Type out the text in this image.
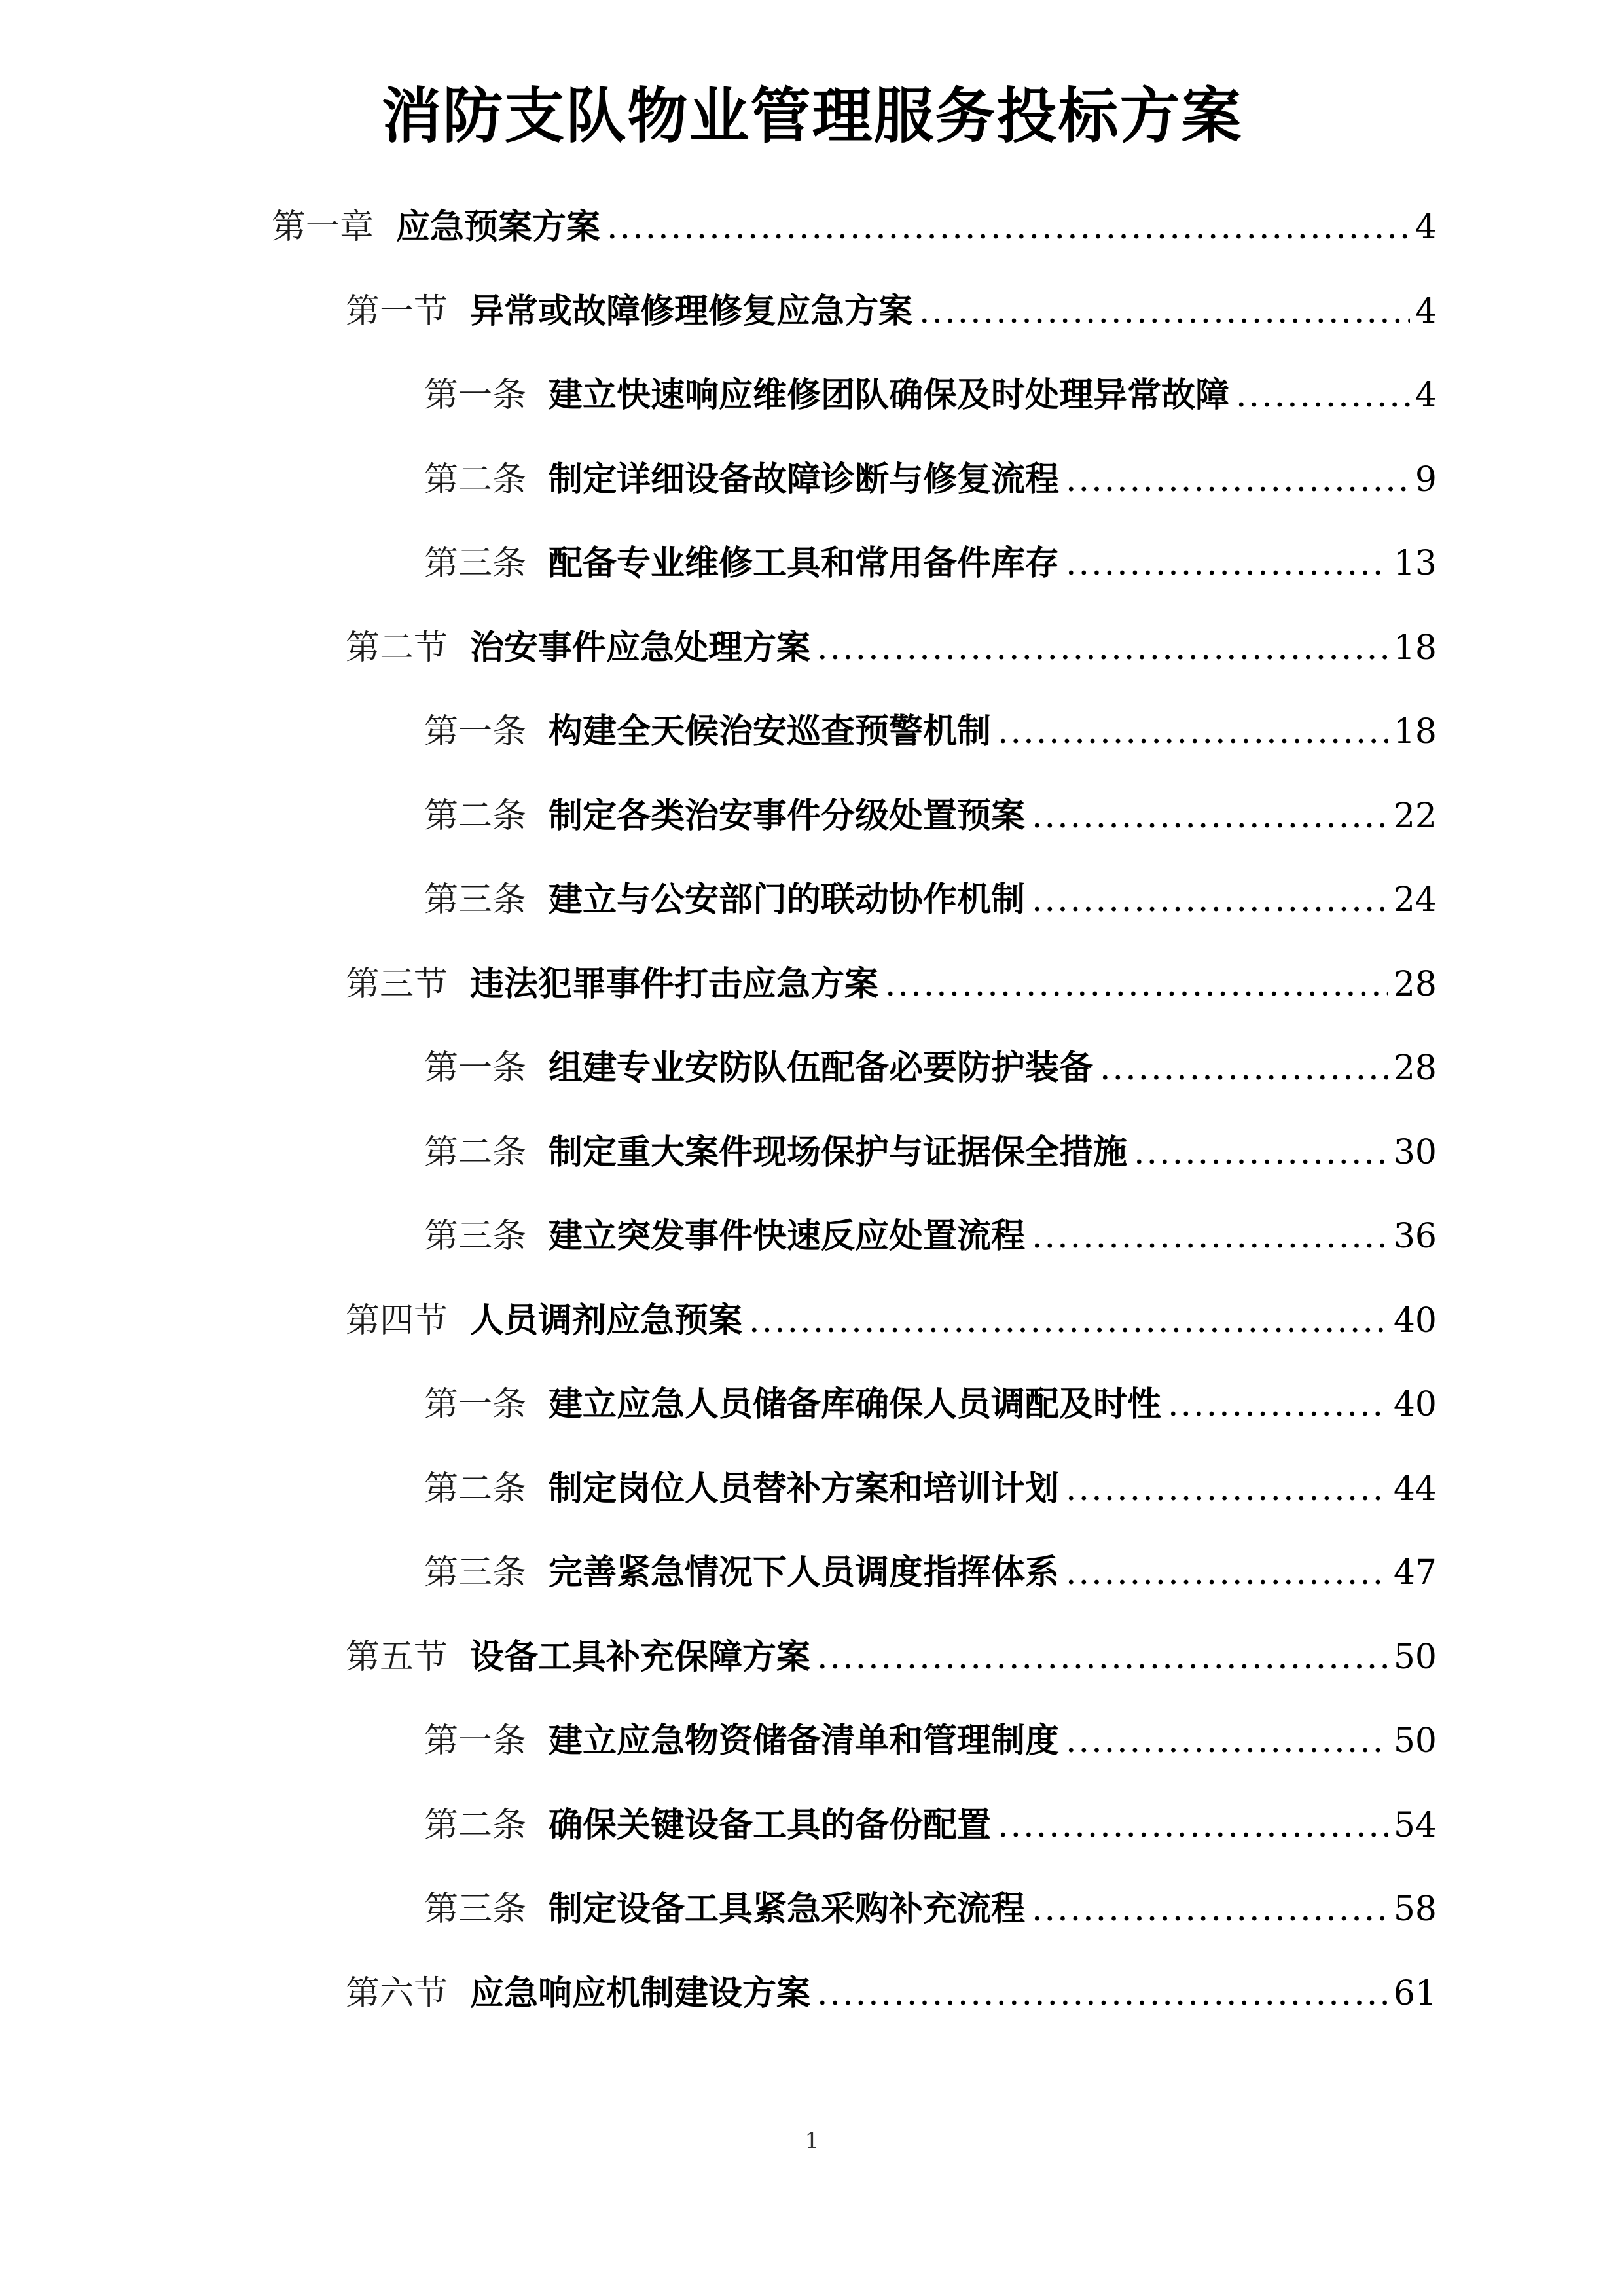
消防支队物业管理服务投标方案
第一章 应急预案方案 .....	4
第一节 异常或故障修理修复应急方案 .....	4
第一条 建立快速响应维修团队确保及时处理异常故障 .....	4
第二条 制定详细设备故障诊断与修复流程 .....	9
第三条 配备专业维修工具和常用备件库存 .....	13
第二节 治安事件应急处理方案 .....	18
第一条 构建全天候治安巡查预警机制 .....	18
第二条 制定各类治安事件分级处置预案 .....	22
第三条 建立与公安部门的联动协作机制 .....	24
第三节 违法犯罪事件打击应急方案 .....	28
第一条 组建专业安防队伍配备必要防护装备 .....	28
第二条 制定重大案件现场保护与证据保全措施 .....	30
第三条 建立突发事件快速反应处置流程 .....	36
第四节 人员调剂应急预案 .....	40
第一条 建立应急人员储备库确保人员调配及时性 .....	40
第二条 制定岗位人员替补方案和培训计划 .....	44
第三条 完善紧急情况下人员调度指挥体系 .....	47
第五节 设备工具补充保障方案 .....	50
第一条 建立应急物资储备清单和管理制度 .....	50
第二条 确保关键设备工具的备份配置 .....	54
第三条 制定设备工具紧急采购补充流程 .....	58
第六节 应急响应机制建设方案 .....	61
1
